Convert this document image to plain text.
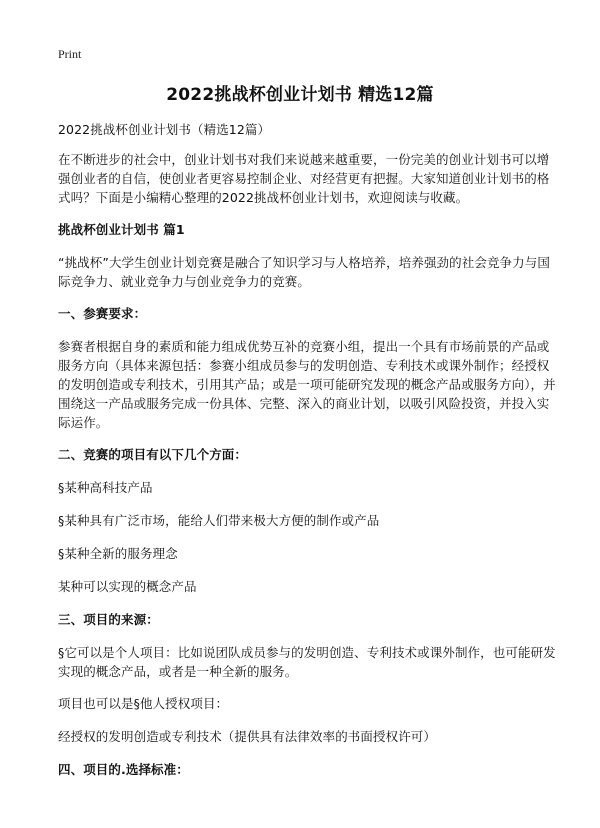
Print
2022挑战杯创业计划书 精选12篇

2022挑战杯创业计划书（精选12篇）

在不断进步的社会中，创业计划书对我们来说越来越重要，一份完美的创业计划书可以增强创业者的自信，使创业者更容易控制企业、对经营更有把握。大家知道创业计划书的格式吗？下面是小编精心整理的2022挑战杯创业计划书，欢迎阅读与收藏。

挑战杯创业计划书 篇1

“挑战杯”大学生创业计划竞赛是融合了知识学习与人格培养，培养强劲的社会竞争力与国际竞争力、就业竞争力与创业竞争力的竞赛。

一、参赛要求：

参赛者根据自身的素质和能力组成优势互补的竞赛小组，提出一个具有市场前景的产品或服务方向（具体来源包括：参赛小组成员参与的发明创造、专利技术或课外制作；经授权的发明创造或专利技术，引用其产品；或是一项可能研究发现的概念产品或服务方向），并围绕这一产品或服务完成一份具体、完整、深入的商业计划，以吸引风险投资，并投入实际运作。

二、竞赛的项目有以下几个方面：

§某种高科技产品

§某种具有广泛市场，能给人们带来极大方便的制作或产品

§某种全新的服务理念

某种可以实现的概念产品

三、项目的来源：

§它可以是个人项目：比如说团队成员参与的发明创造、专利技术或课外制作，也可能研发实现的概念产品，或者是一种全新的服务。

项目也可以是§他人授权项目：

经授权的发明创造或专利技术（提供具有法律效率的书面授权许可）

四、项目的.选择标准：
